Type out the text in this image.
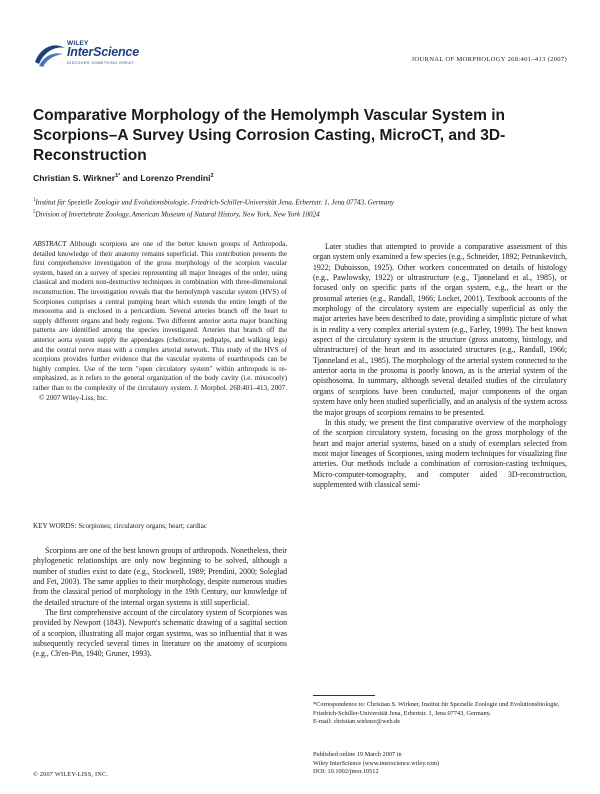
WILEY
InterScience
DISCOVER SOMETHING GREAT	JOURNAL OF MORPHOLOGY 268:401–413 (2007)
Comparative Morphology of the Hemolymph Vascular System in Scorpions–A Survey Using Corrosion Casting, MicroCT, and 3D-Reconstruction
Christian S. Wirkner$^{1*}$ and Lorenzo Prendini$^2$

$^1$Institut für Spezielle Zoologie und Evolutionsbiologie, Friedrich-Schiller-Universität Jena, Erbertstr. 1, Jena 07743, Germany

$^2$Division of Invertebrate Zoology, American Museum of Natural History, New York, New York 10024

ABSTRACT Although scorpions are one of the better known groups of Arthropoda, detailed knowledge of their anatomy remains superficial. This contribution presents the first comprehensive investigation of the gross morphology of the scorpion vascular system, based on a survey of species representing all major lineages of the order, using classical and modern non-destructive techniques in combination with three-dimensional reconstruction. The investigation reveals that the hemolymph vascular system (HVS) of Scorpiones comprises a central pumping heart which extends the entire length of the mesosoma and is enclosed in a pericardium. Several arteries branch off the heart to supply different organs and body regions. Two different anterior aorta major branching patterns are identified among the species investigated. Arteries that branch off the anterior aorta system supply the appendages (chelicerae, pedipalps, and walking legs) and the central nerve mass with a complex arterial network. This study of the HVS of scorpions provides further evidence that the vascular systems of euarthropods can be highly complex. Use of the term "open circulatory system" within arthropods is re-emphasized, as it refers to the general organization of the body cavity (i.e. mixocoely) rather than to the complexity of the circulatory system. J. Morphol. 268:401–413, 2007. © 2007 Wiley-Liss, Inc.
KEY WORDS: Scorpiones; circulatory organs; heart; cardiac

Scorpions are one of the best known groups of arthropods. Nonetheless, their phylogenetic relationships are only now beginning to be solved, although a number of studies exist to date (e.g., Stockwell, 1989; Prendini, 2000; Soleglad and Fet, 2003). The same applies to their morphology, despite numerous studies from the classical period of morphology in the 19th Century, our knowledge of the detailed structure of the internal organ systems is still superficial.

The first comprehensive account of the circulatory system of Scorpiones was provided by Newport (1843). Newport's schematic drawing of a sagittal section of a scorpion, illustrating all major organ systems, was so influential that it was subsequently recycled several times in literature on the anatomy of scorpions (e.g., Ch'en-Pin, 1940; Gruner, 1993).

Later studies that attempted to provide a comparative assessment of this organ system only examined a few species (e.g., Schneider, 1892; Petrunkevitch, 1922; Dubuisson, 1925). Other workers concentrated on details of histology (e.g., Pawlowsky, 1922) or ultrastructure (e.g., Tjønneland et al., 1985), or focused only on specific parts of the organ system, e.g., the heart or the prosomal arteries (e.g., Randall, 1966; Locket, 2001). Textbook accounts of the morphology of the circulatory system are especially superficial as only the major arteries have been described to date, providing a simplistic picture of what is in reality a very complex arterial system (e.g., Farley, 1999). The best known aspect of the circulatory system is the structure (gross anatomy, histology, and ultrastructure) of the heart and its associated structures (e.g., Randall, 1966; Tjønneland et al., 1985). The morphology of the arterial system connected to the anterior aorta in the prosoma is poorly known, as is the arterial system of the opisthosoma. In summary, although several detailed studies of the circulatory organs of scorpions have been conducted, major components of the organ system have only been studied superficially, and an analysis of the system across the major groups of scorpions remains to be presented.

In this study, we present the first comparative overview of the morphology of the scorpion circulatory system, focusing on the gross morphology of the heart and major arterial systems, based on a study of exemplars selected from most major lineages of Scorpiones, using modern techniques for visualizing fine arteries. Our methods include a combination of corrosion-casting techniques, Micro-computer-tomography, and computer aided 3D-reconstruction, supplemented with classical semi-

*Correspondence to: Christian S. Wirkner, Institut für Spezielle Zoologie und Evolutionsbiologie, Friedrich-Schiller-Universität Jena, Erbertstr. 1, Jena 07743, Germany.

E-mail: christian.wirkner@web.de

Published online 19 March 2007 in

Wiley InterScience (www.interscience.wiley.com)

DOI: 10.1002/jmor.10512

© 2007 WILEY-LISS, INC.
